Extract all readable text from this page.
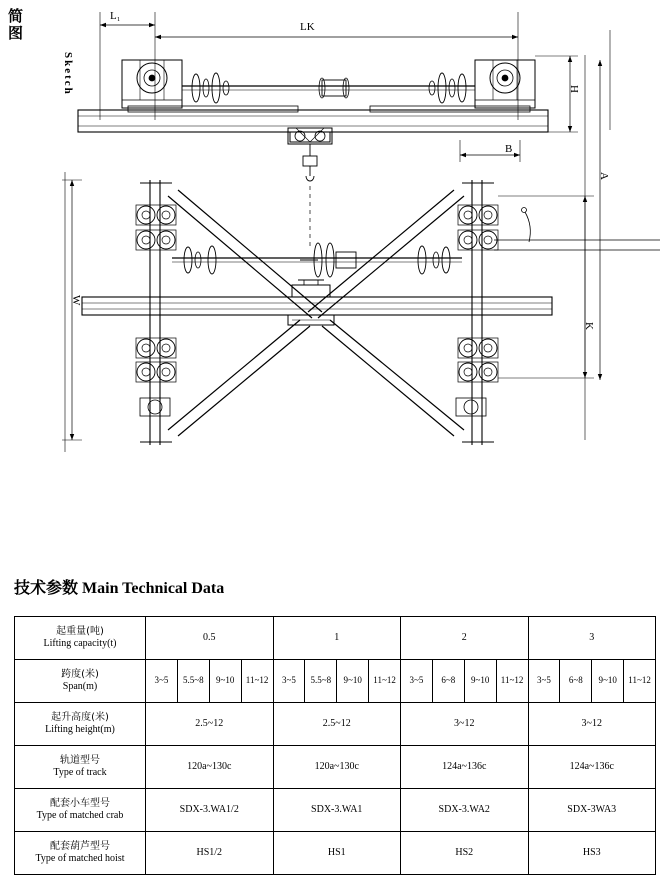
简图
Sketch
L₁
LK
H
B
A
W
K
技术参数 Main Technical Data
起重量(吨)
Lifting capacity(t)	0.5				1				2				3			

跨度(米)
Span(m)	3~5	5.5~8	9~10	11~12	3~5	5.5~8	9~10	11~12	3~5	6~8	9~10	11~12	3~5	6~8	9~10	11~12

起升高度(米)
Lifting height(m)	2.5~12				2.5~12				3~12				3~12			

轨道型号
Type of track	120a~130c				120a~130c				124a~136c				124a~136c			

配套小车型号
Type of matched crab	SDX-3.WA1/2				SDX-3.WA1				SDX-3.WA2				SDX-3WA3			

配套葫芦型号
Type of matched hoist	HS1/2				HS1				HS2				HS3			
